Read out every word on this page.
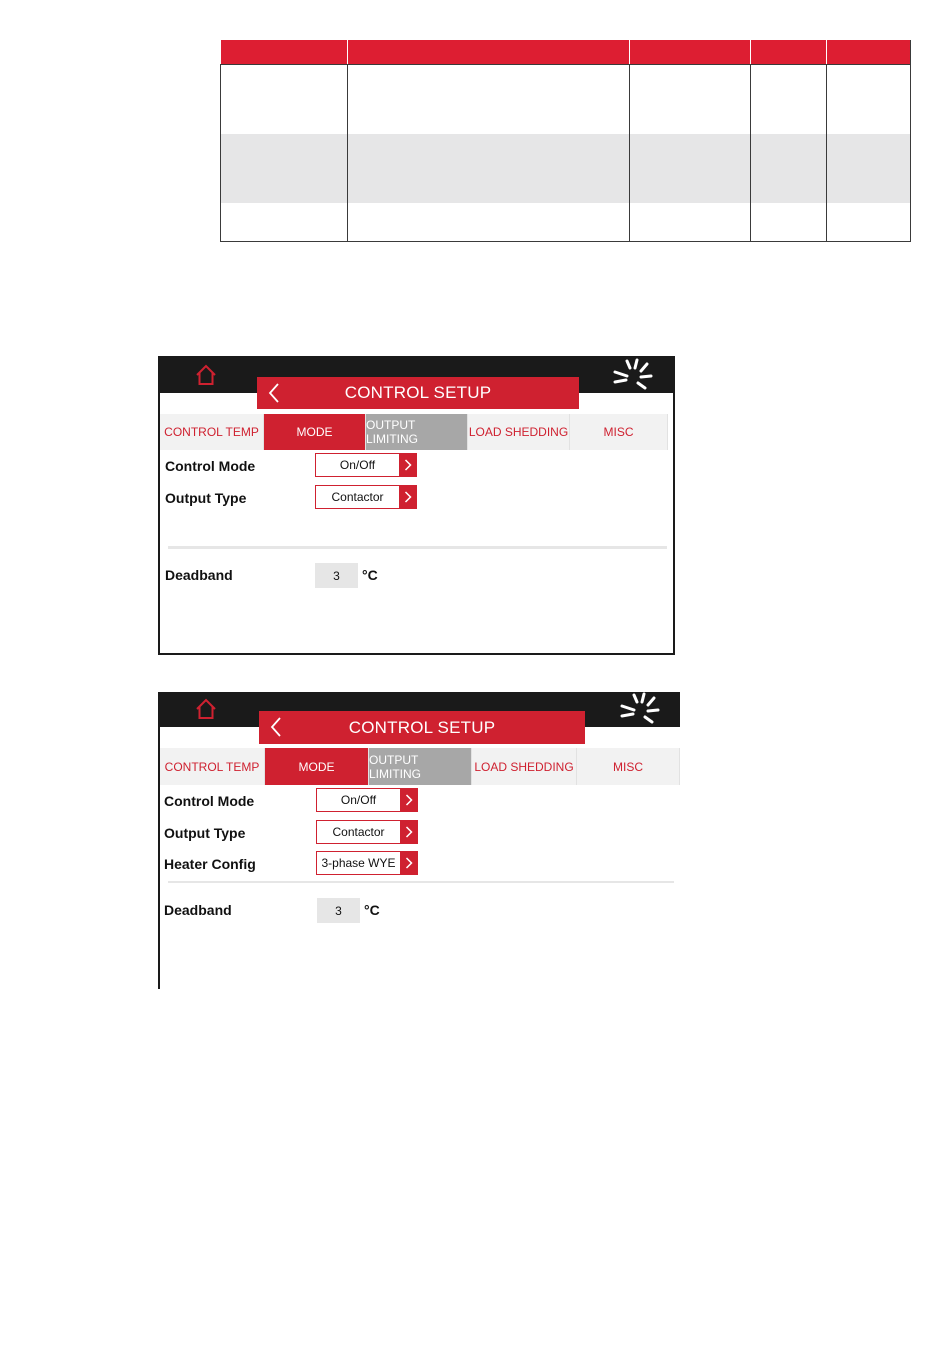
CONTROL SETUP
CONTROL TEMP	MODE	OUTPUT LIMITING	LOAD SHEDDING	MISC
Control Mode	On/Off
Output Type	Contactor
Deadband	3	°C
CONTROL SETUP
CONTROL TEMP	MODE	OUTPUT LIMITING	LOAD SHEDDING	MISC
Control Mode	On/Off
Output Type	Contactor
Heater Config	3-phase WYE
Deadband	3	°C
